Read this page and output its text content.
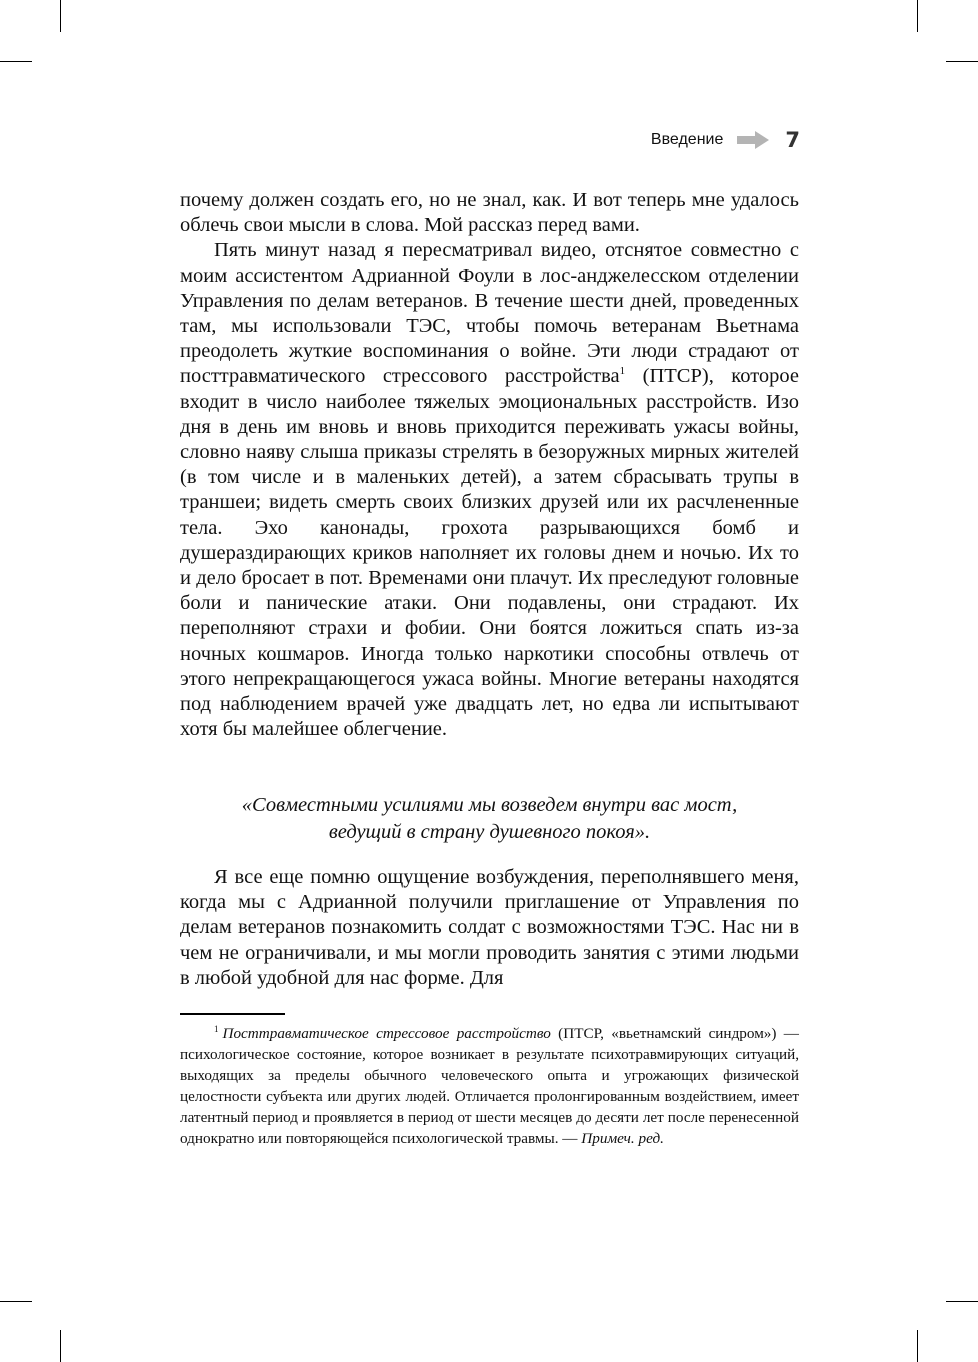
Введение	7

почему должен создать его, но не знал, как. И вот теперь мне удалось облечь свои мысли в слова. Мой рассказ перед вами.

Пять минут назад я пересматривал видео, отснятое совместно с моим ассистентом Адрианной Фоули в лос-анджелесском отделении Управления по делам ветеранов. В течение шести дней, проведенных там, мы использовали ТЭС, чтобы помочь ветеранам Вьетнама преодолеть жуткие воспоминания о войне. Эти люди страдают от посттравматического стрессового расстройства$^1$ (ПТСР), которое входит в число наиболее тяжелых эмоциональных расстройств. Изо дня в день им вновь и вновь приходится переживать ужасы войны, словно наяву слыша приказы стрелять в безоружных мирных жителей (в том числе и в маленьких детей), а затем сбрасывать трупы в траншеи; видеть смерть своих близких друзей или их расчлененные тела. Эхо канонады, грохота разрывающихся бомб и душераздирающих криков наполняет их головы днем и ночью. Их то и дело бросает в пот. Временами они плачут. Их преследуют головные боли и панические атаки. Они подавлены, они страдают. Их переполняют страхи и фобии. Они боятся ложиться спать из-за ночных кошмаров. Иногда только наркотики способны отвлечь от этого непрекращающегося ужаса войны. Многие ветераны находятся под наблюдением врачей уже двадцать лет, но едва ли испытывают хотя бы малейшее облегчение.

«Совместными усилиями мы возведем внутри вас мост,
ведущий в страну душевного покоя».

Я все еще помню ощущение возбуждения, переполнявшего меня, когда мы с Адрианной получили приглашение от Управления по делам ветеранов познакомить солдат с возможностями ТЭС. Нас ни в чем не ограничивали, и мы могли проводить занятия с этими людьми в любой удобной для нас форме. Для

$^1$ Посттравматическое стрессовое расстройство (ПТСР, «вьетнамский синдром») — психологическое состояние, которое возникает в результате психотравмирующих ситуаций, выходящих за пределы обычного человеческого опыта и угрожающих физической целостности субъекта или других людей. Отличается пролонгированным воздействием, имеет латентный период и проявляется в период от шести месяцев до десяти лет после перенесенной однократно или повторяющейся психологической травмы. — Примеч. ред.
